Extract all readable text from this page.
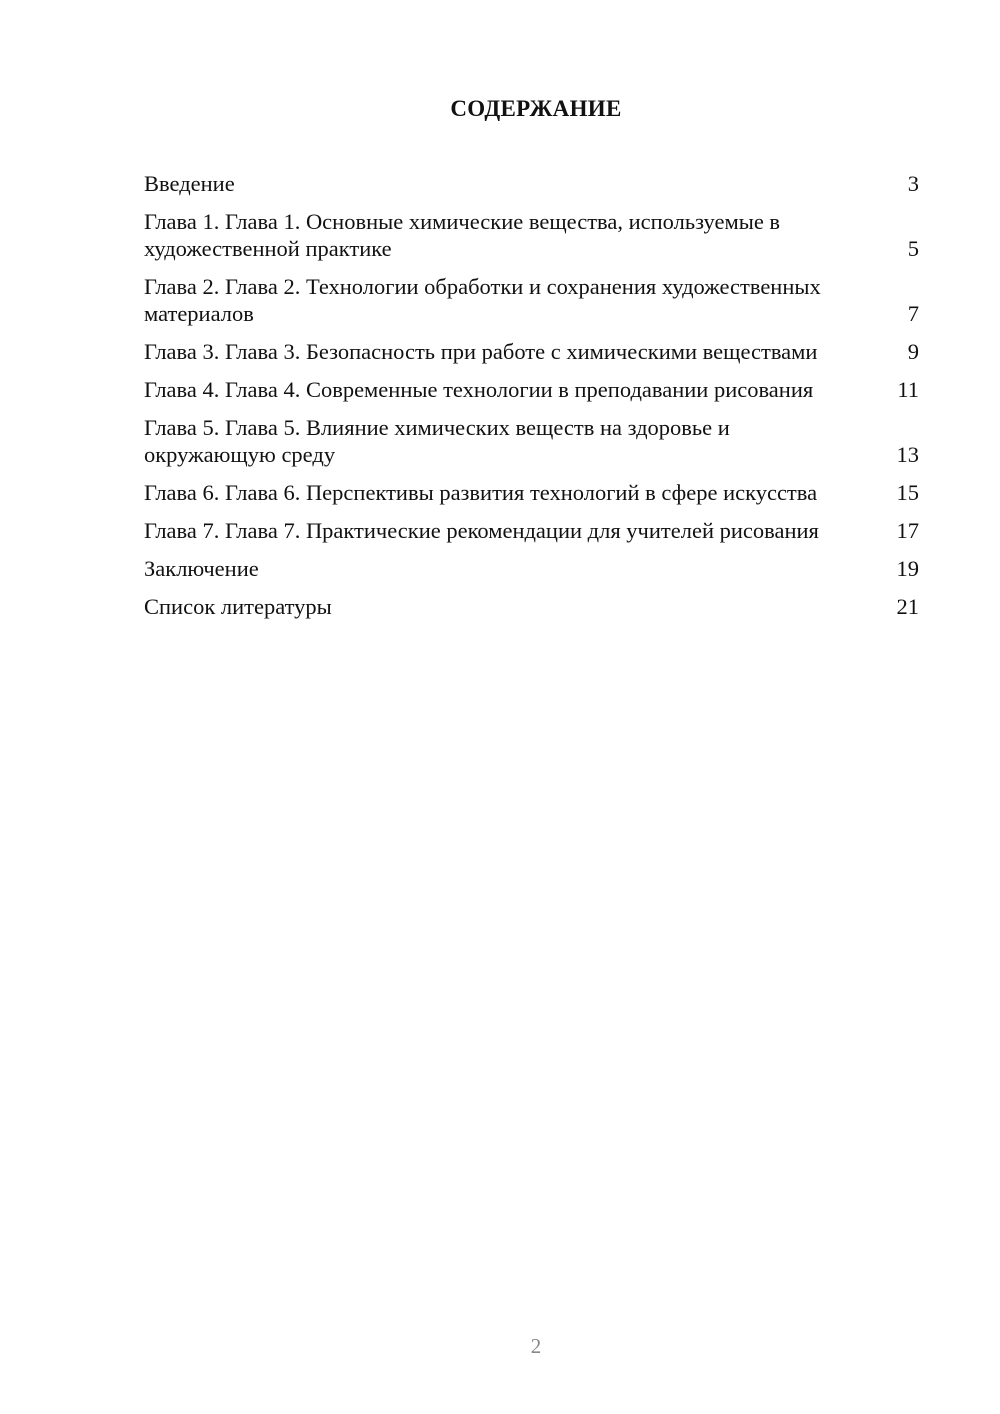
СОДЕРЖАНИЕ
Введение	3
Глава 1. Глава 1. Основные химические вещества, используемые в художественной практике	5
Глава 2. Глава 2. Технологии обработки и сохранения художественных материалов	7
Глава 3. Глава 3. Безопасность при работе с химическими веществами	9
Глава 4. Глава 4. Современные технологии в преподавании рисования	11
Глава 5. Глава 5. Влияние химических веществ на здоровье и окружающую среду	13
Глава 6. Глава 6. Перспективы развития технологий в сфере искусства	15
Глава 7. Глава 7. Практические рекомендации для учителей рисования	17
Заключение	19
Список литературы	21
2
